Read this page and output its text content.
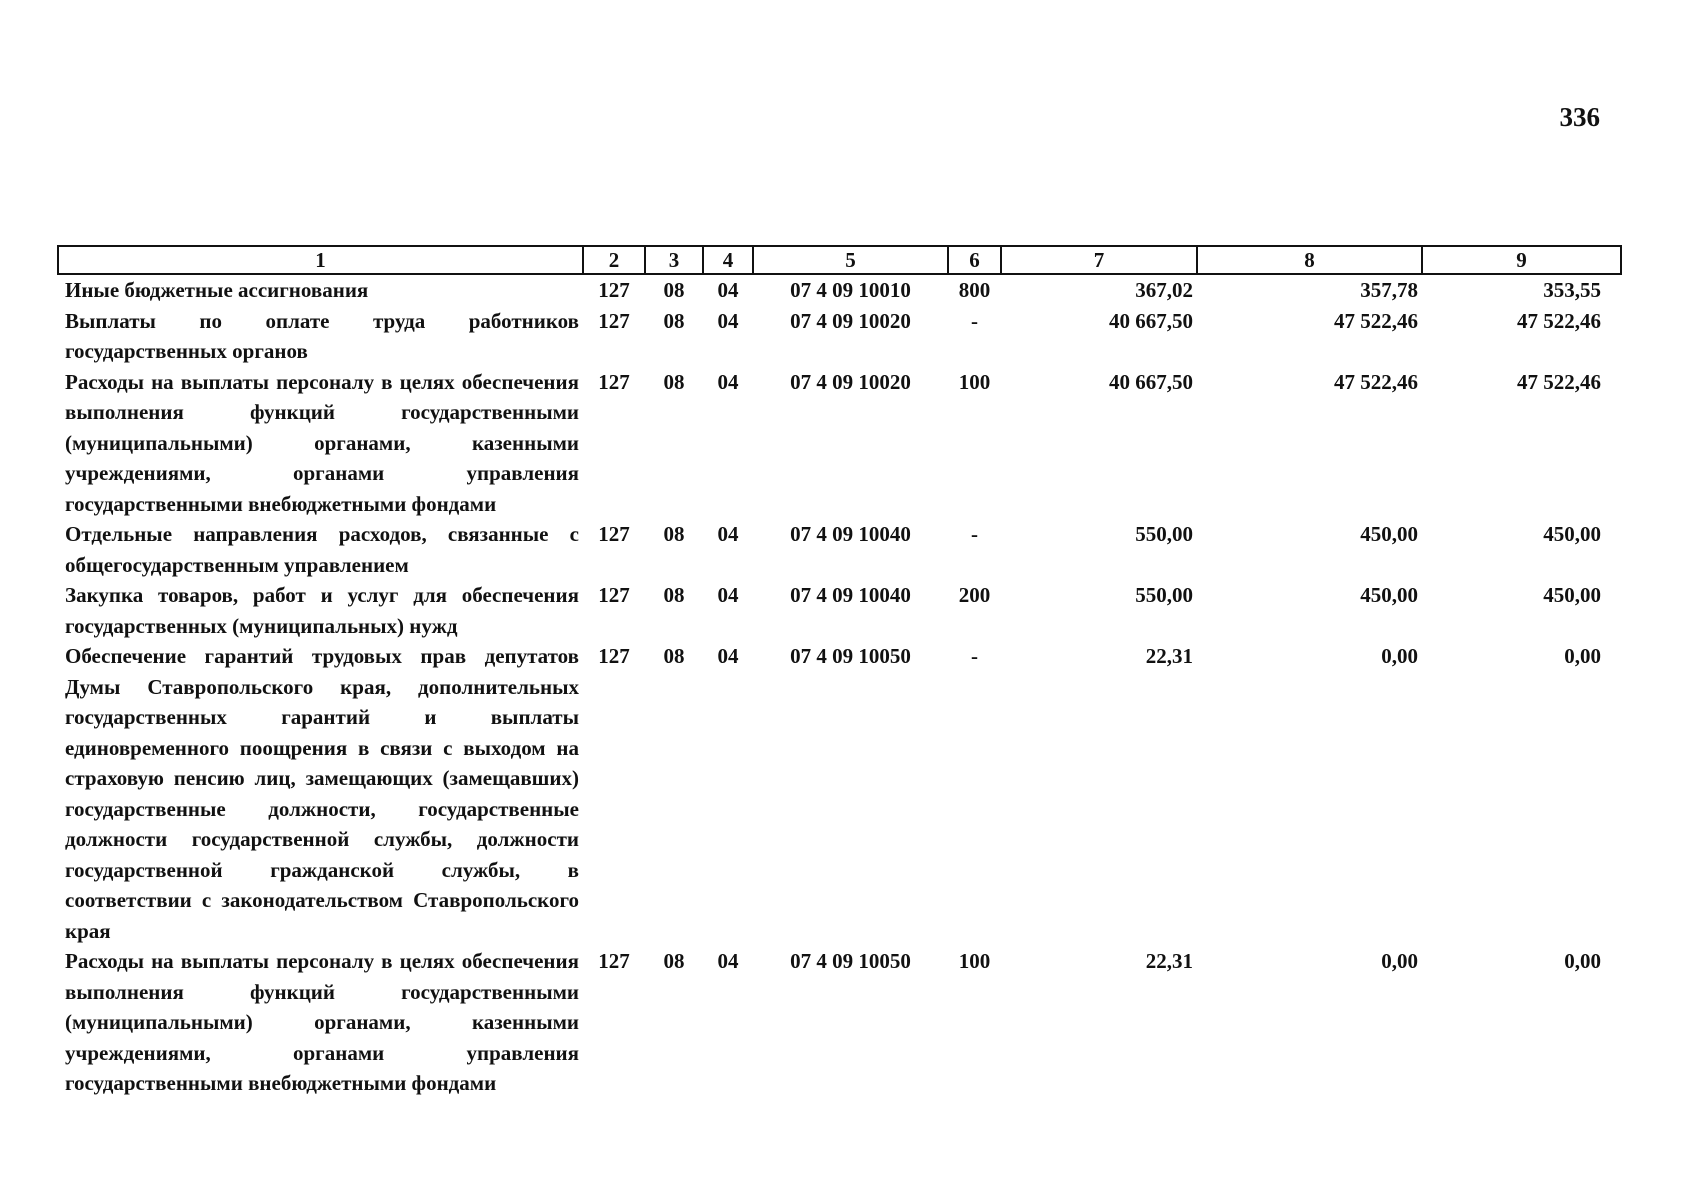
336
1	2	3	4	5	6	7	8	9
Иные бюджетные ассигнования	127	08	04	07 4 09 10010	800	367,02	357,78	353,55
Выплаты по оплате труда работников государственных органов	127	08	04	07 4 09 10020	-	40 667,50	47 522,46	47 522,46
Расходы на выплаты персоналу в целях обеспечения выполнения функций государственными (муниципальными) органами, казенными учреждениями, органами управления государственными внебюджетными фондами	127	08	04	07 4 09 10020	100	40 667,50	47 522,46	47 522,46
Отдельные направления расходов, связанные с общегосударственным управлением	127	08	04	07 4 09 10040	-	550,00	450,00	450,00
Закупка товаров, работ и услуг для обеспечения государственных (муниципальных) нужд	127	08	04	07 4 09 10040	200	550,00	450,00	450,00
Обеспечение гарантий трудовых прав депутатов Думы Ставропольского края, дополнительных государственных гарантий и выплаты единовременного поощрения в связи с выходом на страховую пенсию лиц, замещающих (замещавших) государственные должности, государственные должности государственной службы, должности государственной гражданской службы, в соответствии с законодательством Ставропольского края	127	08	04	07 4 09 10050	-	22,31	0,00	0,00
Расходы на выплаты персоналу в целях обеспечения выполнения функций государственными (муниципальными) органами, казенными учреждениями, органами управления государственными внебюджетными фондами	127	08	04	07 4 09 10050	100	22,31	0,00	0,00
